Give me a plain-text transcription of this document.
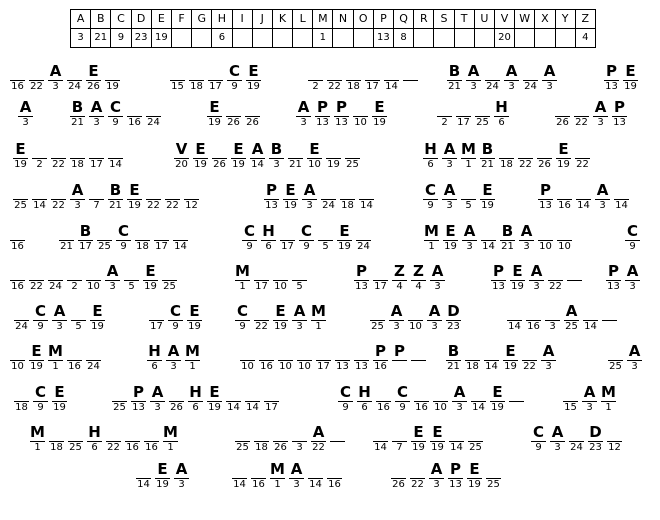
A	B	C	D	E	F	G	H	I	J	K	L	M	N	O	P	Q	R	S	T	U	V	W	X	Y	Z
3	21	9	23	19			6					1			13	8					20				4
16 22
A
3 24
E
26 19	15 18 17
C
9
E
19	2 22 18 17 14
B
21
A
3 24
A
3 24
A
3
P
13
E
19
A
3
B
21
A
3
C
9 16 24
E
19 26 26
A
3
P
13
P
13 10
E
19	2 17 25
H
6	26 22
A
3
P
13
E
19 2 22 18 17 14
V
20
E
19 26
E
19
A
14
B
3 21
E
10 19 25
H
6
A
3
M
1
B
21 18 22 26
E
19 22
25 14 22
A
3	7
B
21
E
19 22 22 12
P
13
E
19
A
3 24 18 14
C
9
A
3	5
E
19
P
13 16 14
A
3 14
16	21
B
17 25
C
9 18 17 14
C
9
H
6 17
C
9	5
E
19 24
M
1
E
19
A
3 14
B
21
A
3 10 10
C
9
16 22 24 2 10
A
3	5
E
19 25
M
1 17 10 5
P
13 17
Z
4
Z
4
A
3
P
13
E
19
A
3 22
P
13
A
3
24
C
9
A
3	5
E
19	17
C
9
E
19
C
9 22
E
19
A
3
M
1	25
A
3 10
A
3
D
23	14 16 3
A
25 14
10
E
19
M
1 16 24
H
6
A
3
M
1	10 16 10 10 17 13 13
P
16
P	B
21 18 14
E
19 22
A
3	25
A
3
18
C
9
E
19	25
P
13
A
3 26
H
6
E
19 14 14 17
C
9
H
6 16
C
9 16 10
A
3 14
E
19	15
A
3
M
1
M
1 18 25
H
6 22 16 16
M
1	25 18 26 3
A
22	14 7
E
19
E
19 14 25
C
9
A
3 24
D
23 12
14
E
19
A
3	14 16
M
1
A
3 14 16	26 22
A
3
P
13
E
19 25
